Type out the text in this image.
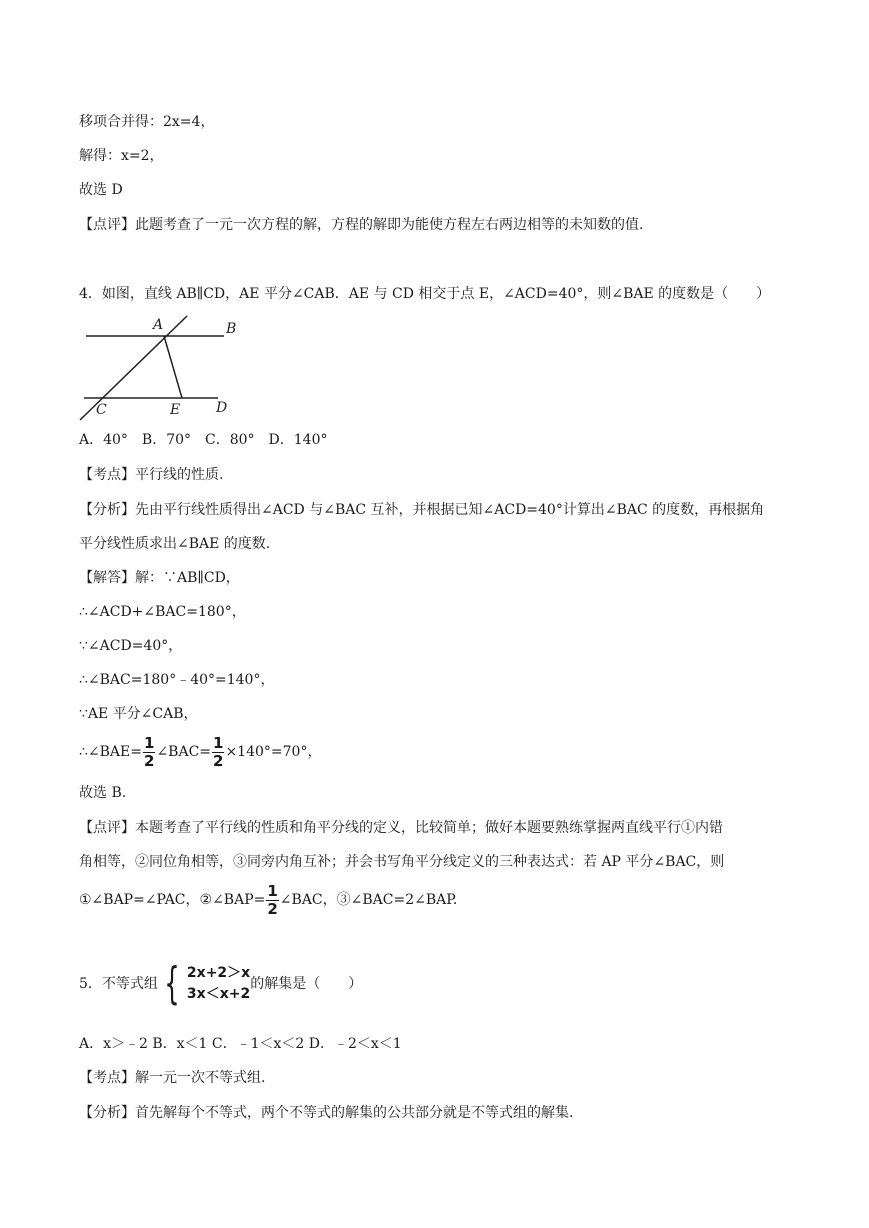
移项合并得：2x=4，
解得：x=2，
故选 D
【点评】此题考查了一元一次方程的解，方程的解即为能使方程左右两边相等的未知数的值.
4．如图，直线 AB∥CD，AE 平分∠CAB．AE 与 CD 相交于点 E，∠ACD=40°，则∠BAE 的度数是（　　）
A	B
C	E	D
A．40°　B．70°　C．80°　D．140°
【考点】平行线的性质.
【分析】先由平行线性质得出∠ACD 与∠BAC 互补，并根据已知∠ACD=40°计算出∠BAC 的度数，再根据角
平分线性质求出∠BAE 的度数.
【解答】解：∵AB∥CD，
∴∠ACD+∠BAC=180°，
∵∠ACD=40°，
∴∠BAC=180°﹣40°=140°，
∵AE 平分∠CAB，
∴∠BAE= $\frac{1}{2}$ ∠BAC= $\frac{1}{2} \times 140^\circ=70^\circ$，
故选 B.
【点评】本题考查了平行线的性质和角平分线的定义，比较简单；做好本题要熟练掌握两直线平行①内错
角相等，②同位角相等，③同旁内角互补；并会书写角平分线定义的三种表达式：若 AP 平分∠BAC，则
①∠BAP=∠PAC，②∠BAP= $\frac{1}{2}$ ∠BAC，③∠BAC=2∠BAP.
5．不等式组 { 2x+2＞x
3x＜x+2
的解集是（　　）
A．x＞﹣2 B．x＜1 C．﹣1＜x＜2 D．﹣2＜x＜1
【考点】解一元一次不等式组.
【分析】首先解每个不等式，两个不等式的解集的公共部分就是不等式组的解集.
